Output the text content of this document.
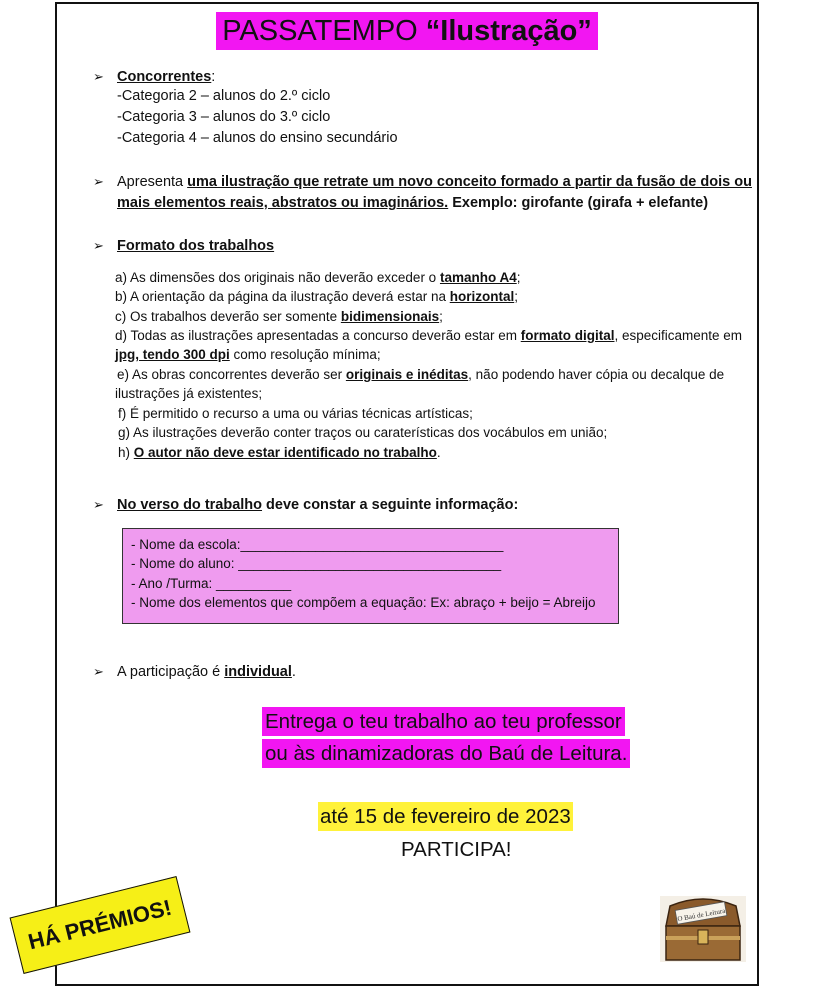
PASSATEMPO “Ilustração”
➢ Concorrentes:
-Categoria 2 – alunos do 2.º ciclo
-Categoria 3 – alunos do 3.º ciclo
-Categoria 4 – alunos do ensino secundário
➢ Apresenta uma ilustração que retrate um novo conceito formado a partir da fusão de dois ou
mais elementos reais, abstratos ou imaginários. Exemplo: girofante (girafa + elefante)
➢ Formato dos trabalhos
a) As dimensões dos originais não deverão exceder o tamanho A4;
b) A orientação da página da ilustração deverá estar na horizontal;
c) Os trabalhos deverão ser somente bidimensionais;
d) Todas as ilustrações apresentadas a concurso deverão estar em formato digital, especificamente em
jpg, tendo 300 dpi como resolução mínima;
e) As obras concorrentes deverão ser originais e inéditas, não podendo haver cópia ou decalque de
ilustrações já existentes;
f) É permitido o recurso a uma ou várias técnicas artísticas;
g) As ilustrações deverão conter traços ou caraterísticas dos vocábulos em união;
h) O autor não deve estar identificado no trabalho.
➢ No verso do trabalho deve constar a seguinte informação:
- Nome da escola:___________________________________
- Nome do aluno: ___________________________________
- Ano /Turma: __________
- Nome dos elementos que compõem a equação: Ex: abraço + beijo = Abreijo
➢ A participação é individual.
Entrega o teu trabalho ao teu professor
ou às dinamizadoras do Baú de Leitura.
até 15 de fevereiro de 2023
PARTICIPA!
O Baú de Leitura
HÁ PRÉMIOS!
